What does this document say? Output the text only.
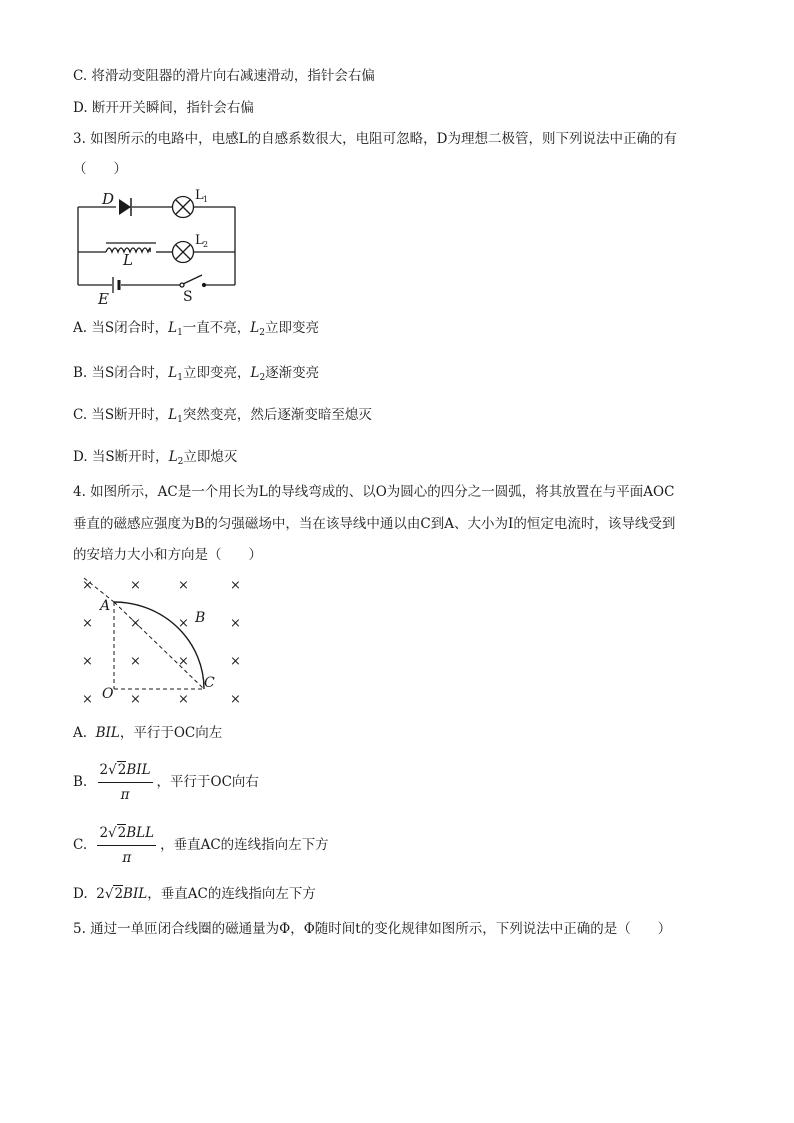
C. 将滑动变阻器的滑片向右减速滑动，指针会右偏
D. 断开开关瞬间，指针会右偏
3. 如图所示的电路中，电感L的自感系数很大，电阻可忽略，D为理想二极管，则下列说法中正确的有
（　　）
D	L 1
L 2
L
E	S
A. 当S闭合时，$L_1$一直不亮，$L_2$立即变亮
B. 当S闭合时，$L_1$立即变亮，$L_2$逐渐变亮
C. 当S断开时，$L_1$突然变亮，然后逐渐变暗至熄灭
D. 当S断开时，$L_2$立即熄灭
4. 如图所示，AC是一个用长为L的导线弯成的、以O为圆心的四分之一圆弧，将其放置在与平面AOC
垂直的磁感应强度为B的匀强磁场中，当在该导线中通以由C到A、大小为I的恒定电流时，该导线受到
的安培力大小和方向是（　　）
×	×	×	×
×	×	×	×
×	×	×	×
×	×	×	×
A
B
C
O
A. BIL，平行于OC向左
B. $\frac{\text{2√2BIL}}{\pi}$ ，平行于OC向右
C. $\frac{\text{2√2BLL}}{\pi}$ ，垂直AC的连线指向左下方
D. 2√2BIL，垂直AC的连线指向左下方
5. 通过一单匝闭合线圈的磁通量为Φ，Φ随时间t的变化规律如图所示，下列说法中正确的是（　　）
